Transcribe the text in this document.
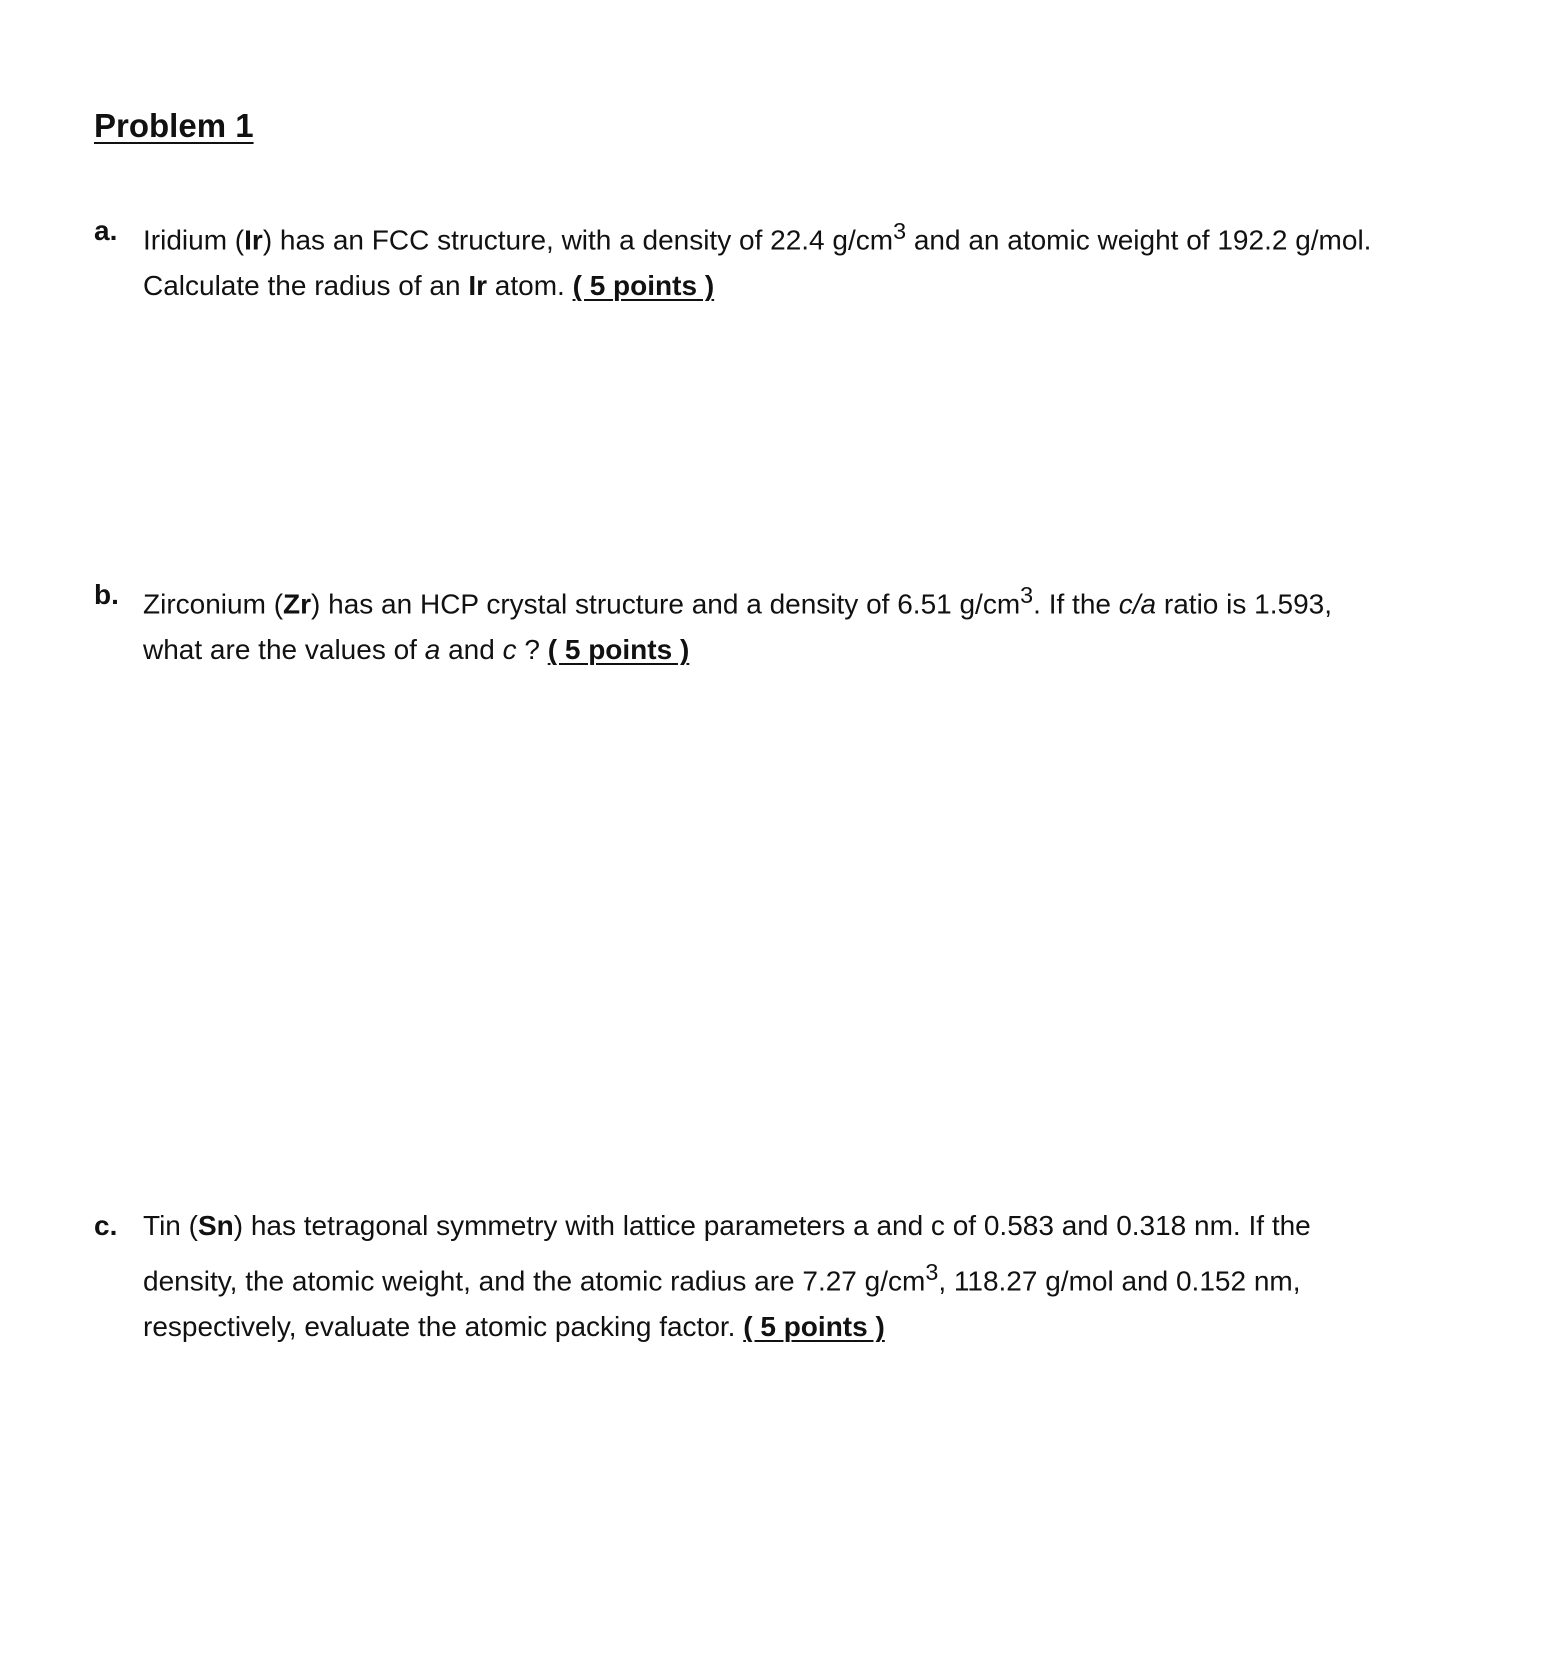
Problem 1
a. Iridium (Ir) has an FCC structure, with a density of 22.4 $g/cm^3$ and an atomic weight of 192.2 g/mol. Calculate the radius of an Ir atom. ( 5 points )
b. Zirconium (Zr) has an HCP crystal structure and a density of 6.51 $g/cm^3$. If the c/a ratio is 1.593, what are the values of a and c ? ( 5 points )
c. Tin (Sn) has tetragonal symmetry with lattice parameters a and c of 0.583 and 0.318 nm. If the density, the atomic weight, and the atomic radius are 7.27 $g/cm^3$, 118.27 g/mol and 0.152 nm, respectively, evaluate the atomic packing factor. ( 5 points )
